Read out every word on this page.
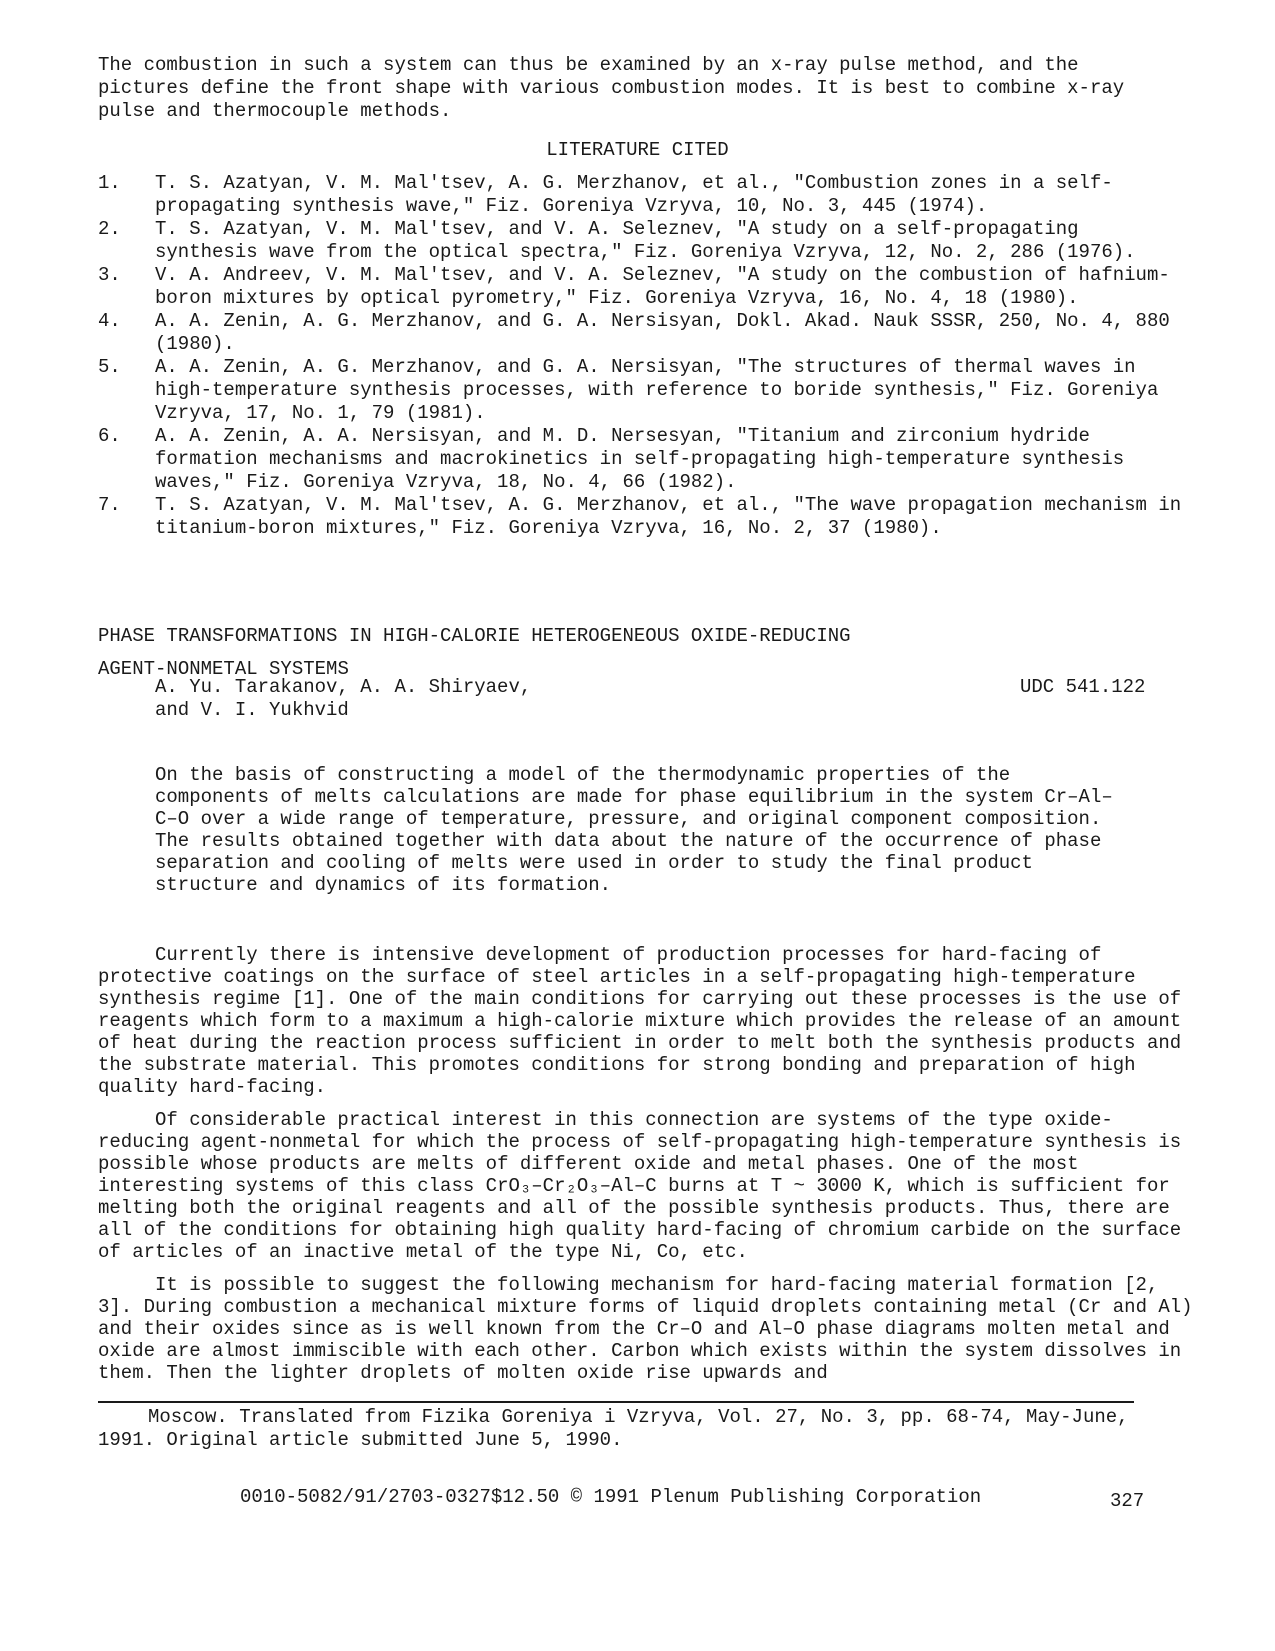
The combustion in such a system can thus be examined by an x-ray pulse method, and the pictures define the front shape with various combustion modes. It is best to combine x-ray pulse and thermocouple methods.

LITERATURE CITED
1.	T. S. Azatyan, V. M. Mal'tsev, A. G. Merzhanov, et al., "Combustion zones in a self-propagating synthesis wave," Fiz. Goreniya Vzryva, 10, No. 3, 445 (1974).
2.	T. S. Azatyan, V. M. Mal'tsev, and V. A. Seleznev, "A study on a self-propagating synthesis wave from the optical spectra," Fiz. Goreniya Vzryva, 12, No. 2, 286 (1976).
3.	V. A. Andreev, V. M. Mal'tsev, and V. A. Seleznev, "A study on the combustion of hafnium-boron mixtures by optical pyrometry," Fiz. Goreniya Vzryva, 16, No. 4, 18 (1980).
4.	A. A. Zenin, A. G. Merzhanov, and G. A. Nersisyan, Dokl. Akad. Nauk SSSR, 250, No. 4, 880 (1980).
5.	A. A. Zenin, A. G. Merzhanov, and G. A. Nersisyan, "The structures of thermal waves in high-temperature synthesis processes, with reference to boride synthesis," Fiz. Goreniya Vzryva, 17, No. 1, 79 (1981).
6.	A. A. Zenin, A. A. Nersisyan, and M. D. Nersesyan, "Titanium and zirconium hydride formation mechanisms and macrokinetics in self-propagating high-temperature synthesis waves," Fiz. Goreniya Vzryva, 18, No. 4, 66 (1982).
7.	T. S. Azatyan, V. M. Mal'tsev, A. G. Merzhanov, et al., "The wave propagation mechanism in titanium-boron mixtures," Fiz. Goreniya Vzryva, 16, No. 2, 37 (1980).
PHASE TRANSFORMATIONS IN HIGH-CALORIE HETEROGENEOUS OXIDE-REDUCING
AGENT-NONMETAL SYSTEMS
A. Yu. Tarakanov, A. A. Shiryaev,
and V. I. Yukhvid
UDC 541.122

On the basis of constructing a model of the thermodynamic properties of the components of melts calculations are made for phase equilibrium in the system Cr–Al–C–O over a wide range of temperature, pressure, and original component composition. The results obtained together with data about the nature of the occurrence of phase separation and cooling of melts were used in order to study the final product structure and dynamics of its formation.

Currently there is intensive development of production processes for hard-facing of protective coatings on the surface of steel articles in a self-propagating high-temperature synthesis regime [1]. One of the main conditions for carrying out these processes is the use of reagents which form to a maximum a high-calorie mixture which provides the release of an amount of heat during the reaction process sufficient in order to melt both the synthesis products and the substrate material. This promotes conditions for strong bonding and preparation of high quality hard-facing.

Of considerable practical interest in this connection are systems of the type oxide-reducing agent-nonmetal for which the process of self-propagating high-temperature synthesis is possible whose products are melts of different oxide and metal phases. One of the most interesting systems of this class CrO₃–Cr₂O₃–Al–C burns at T ~ 3000 K, which is sufficient for melting both the original reagents and all of the possible synthesis products. Thus, there are all of the conditions for obtaining high quality hard-facing of chromium carbide on the surface of articles of an inactive metal of the type Ni, Co, etc.

It is possible to suggest the following mechanism for hard-facing material formation [2, 3]. During combustion a mechanical mixture forms of liquid droplets containing metal (Cr and Al) and their oxides since as is well known from the Cr–O and Al–O phase diagrams molten metal and oxide are almost immiscible with each other. Carbon which exists within the system dissolves in them. Then the lighter droplets of molten oxide rise upwards and

Moscow. Translated from Fizika Goreniya i Vzryva, Vol. 27, No. 3, pp. 68-74, May-June, 1991. Original article submitted June 5, 1990.

0010-5082/91/2703-0327$12.50 © 1991 Plenum Publishing Corporation	327
